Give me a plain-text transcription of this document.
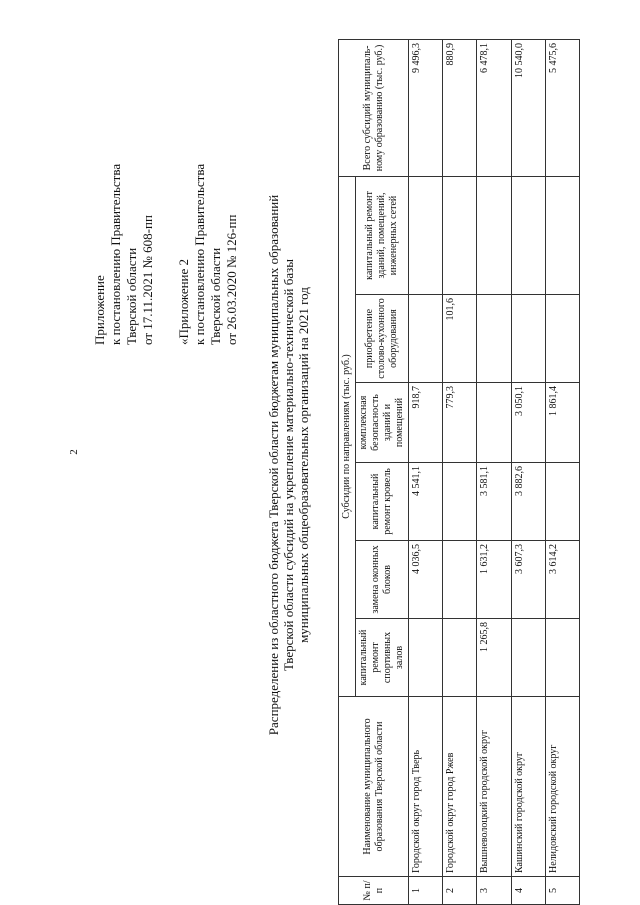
2
Приложение к постановлению Правительства Тверской области от 17.11.2021 № 608-пп «Приложение 2 к постановлению Правительства Тверской области от 26.03.2020 № 126-пп Распределение из областного бюджета Тверской области бюджетам муниципальных образований Тверской области субсидий на укрепление материально-технической базы муниципальных общеобразовательных организаций на 2021 год
№ п/п	Наименование муниципального образования Тверской области	Субсидии по направлениям (тыс. руб.)						Всего субсидий муниципаль-ному образованию (тыс. руб.)
		капитальный ремонт спортивных залов	замена оконных блоков	капитальный ремонт кровель	комплексная безопасность зданий и помещений	приобретение столово-кухонного оборудования	капитальный ремонт зданий, помещений, инженерных сетей	
1	Городской округ город Тверь		4 036,5	4 541,1	918,7			9 496,3
2	Городской округ город Ржев				779,3	101,6		880,9
3	Вышневолоцкий городской округ	1 265,8	1 631,2	3 581,1				6 478,1
4	Кашинский городской округ		3 607,3	3 882,6	3 050,1			10 540,0
5	Нелидовский городской округ		3 614,2		1 861,4			5 475,6
